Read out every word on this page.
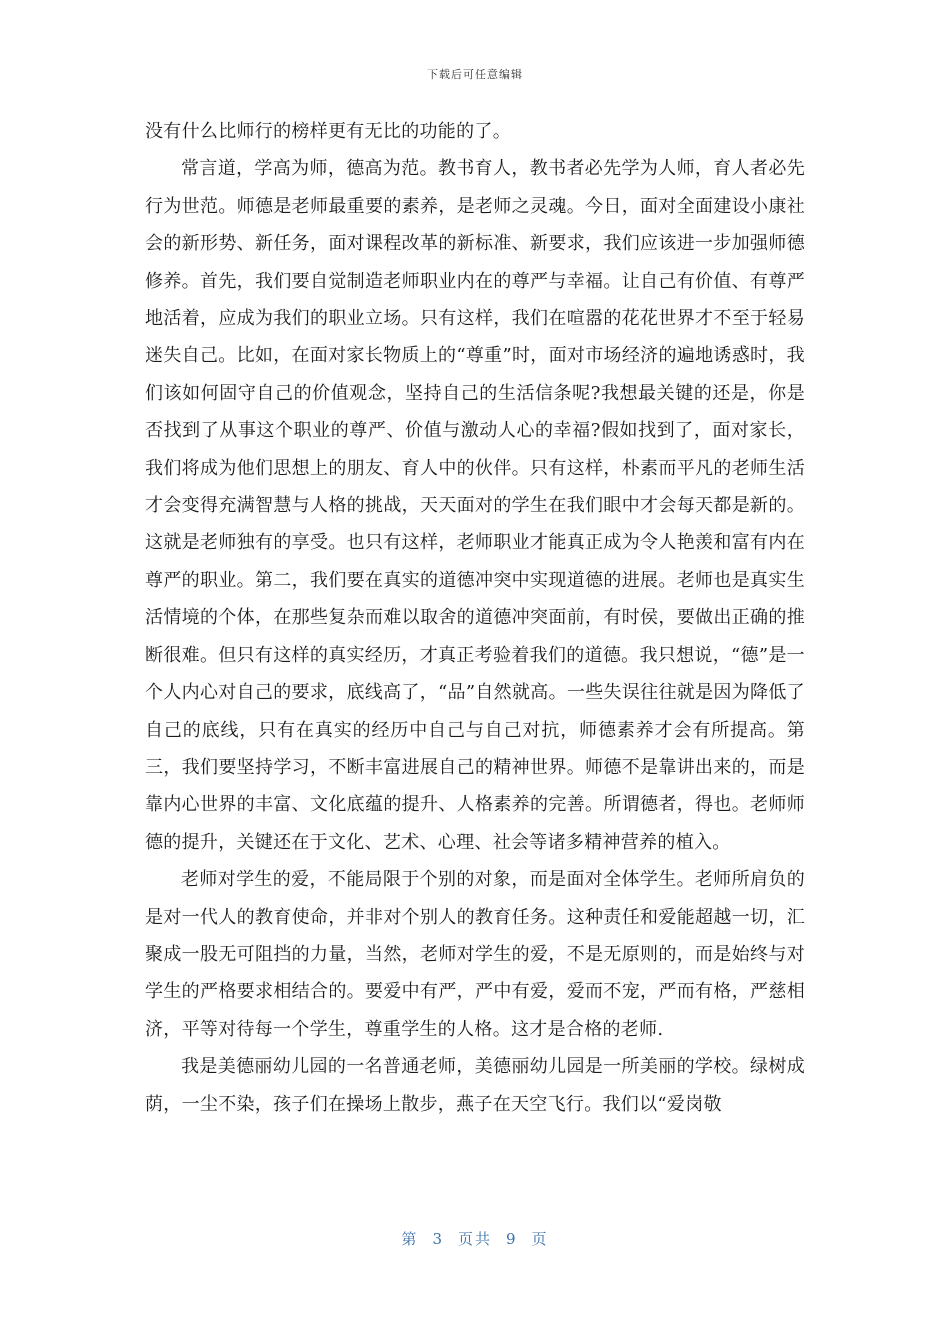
下载后可任意编辑

没有什么比师行的榜样更有无比的功能的了。

常言道，学高为师，德高为范。教书育人，教书者必先学为人师，育人者必先行为世范。师德是老师最重要的素养，是老师之灵魂。今日，面对全面建设小康社会的新形势、新任务，面对课程改革的新标准、新要求，我们应该进一步加强师德修养。首先，我们要自觉制造老师职业内在的尊严与幸福。让自己有价值、有尊严地活着，应成为我们的职业立场。只有这样，我们在喧嚣的花花世界才不至于轻易迷失自己。比如，在面对家长物质上的“尊重”时，面对市场经济的遍地诱惑时，我们该如何固守自己的价值观念，坚持自己的生活信条呢?我想最关键的还是，你是否找到了从事这个职业的尊严、价值与激动人心的幸福?假如找到了，面对家长，我们将成为他们思想上的朋友、育人中的伙伴。只有这样，朴素而平凡的老师生活才会变得充满智慧与人格的挑战，天天面对的学生在我们眼中才会每天都是新的。这就是老师独有的享受。也只有这样，老师职业才能真正成为令人艳羡和富有内在尊严的职业。第二，我们要在真实的道德冲突中实现道德的进展。老师也是真实生活情境的个体，在那些复杂而难以取舍的道德冲突面前，有时侯，要做出正确的推断很难。但只有这样的真实经历，才真正考验着我们的道德。我只想说，“德”是一个人内心对自己的要求，底线高了，“品”自然就高。一些失误往往就是因为降低了自己的底线，只有在真实的经历中自己与自己对抗，师德素养才会有所提高。第三，我们要坚持学习，不断丰富进展自己的精神世界。师德不是靠讲出来的，而是靠内心世界的丰富、文化底蕴的提升、人格素养的完善。所谓德者，得也。老师师德的提升，关键还在于文化、艺术、心理、社会等诸多精神营养的植入。

老师对学生的爱，不能局限于个别的对象，而是面对全体学生。老师所肩负的是对一代人的教育使命，并非对个别人的教育任务。这种责任和爱能超越一切，汇聚成一股无可阻挡的力量，当然，老师对学生的爱，不是无原则的，而是始终与对学生的严格要求相结合的。要爱中有严，严中有爱，爱而不宠，严而有格，严慈相济，平等对待每一个学生，尊重学生的人格。这才是合格的老师.

我是美德丽幼儿园的一名普通老师，美德丽幼儿园是一所美丽的学校。绿树成荫，一尘不染，孩子们在操场上散步，燕子在天空飞行。我们以“爱岗敬

第 3 页共 9 页
